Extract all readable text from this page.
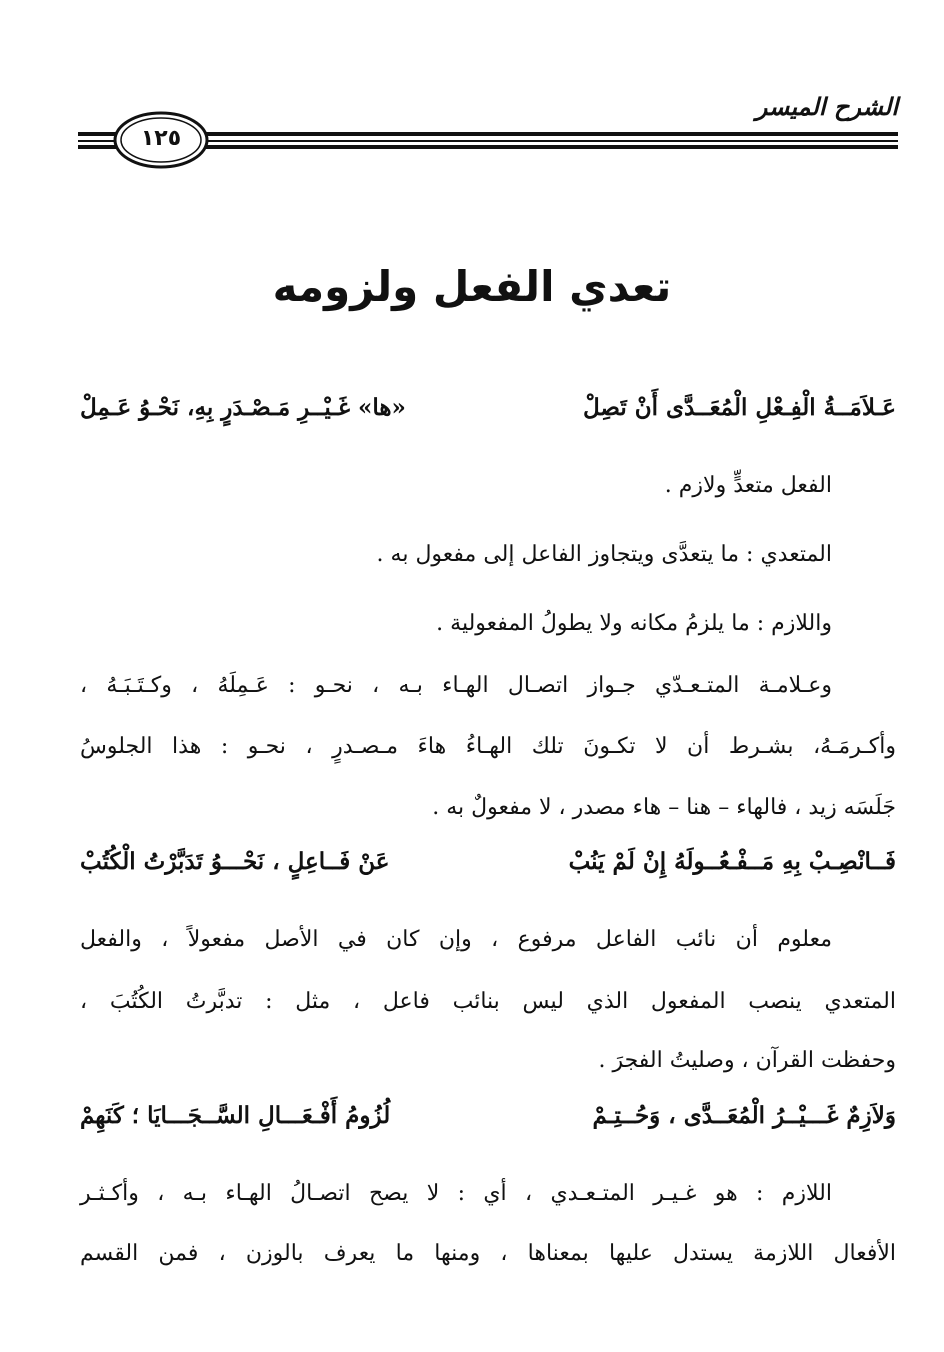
الشرح الميسر
١٢٥
تعدي الفعل ولزومه
عَـلاَمَــةُ الْفِـعْلِ الْمُعَــدَّى أَنْ تَصِلْ
«ها» غَـيْــرِ مَـصْـدَرٍ بِهِ، نَحْـوُ عَـمِلْ
الفعل متعدٍّ ولازم .
المتعدي : ما يتعدَّى ويتجاوز الفاعل إلى مفعول به .
واللازم : ما يلزمُ مكانه ولا يطولُ المفعولية .
وعـلامـة المتـعـدّي جـواز اتصـال الهـاء بـه ، نحـو : عَـمِلَهُ ، وكـتَـبَـهُ ،
وأكـرمَـهُ، بشـرط أن لا تكـونَ تلك الهـاءُ هاءَ مـصـدرٍ ، نحـو : هذا الجلوسُ
جَلَسَه زيد ، فالهاء – هنا – هاء مصدر ، لا مفعولٌ به .
فَــانْصِـبْ بِهِ مَــفْـعُــولَهُ إِنْ لَمْ يَنُبْ
عَنْ فَــاعِلٍ ، نَحْـــوُ تَدَبَّرْتُ الْكُتُبْ
معلوم أن نائب الفاعل مرفوع ، وإن كان في الأصل مفعولاً ، والفعل
المتعدي ينصب المفعول الذي ليس بنائب فاعل ، مثل : تدبَّرتُ الكُتُبَ ،
وحفظت القرآن ، وصليتُ الفجرَ .
وَلاَزِمٌ غَـــيْــرُ الْمُعَــدَّى ، وَحُــتِـمْ
لُزُومُ أَفْـعَـــالِ السَّــجَـــايَا ؛ كَنَهِمْ
اللازم : هو غـيـر المتـعـدي ، أي : لا يصح اتصـالُ الهـاء بـه ، وأكـثـر
الأفعال اللازمة يستدل عليها بمعناها ، ومنها ما يعرف بالوزن ، فمن القسم
